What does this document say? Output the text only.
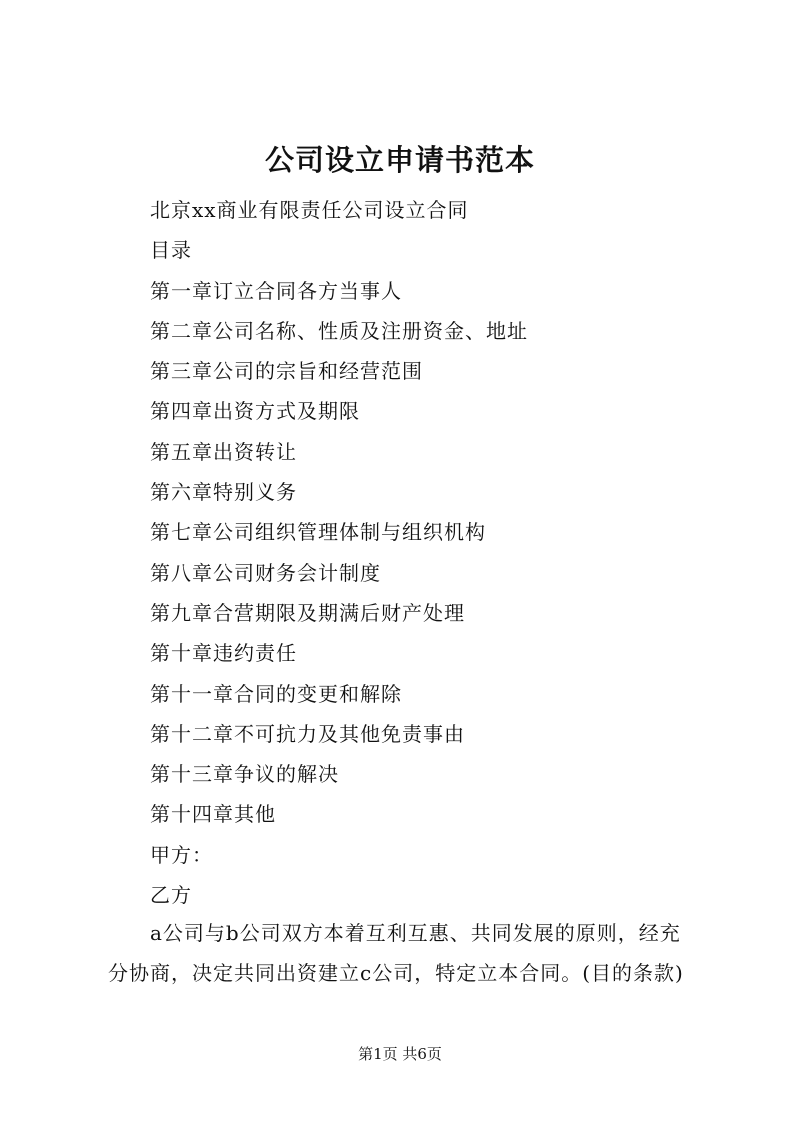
公司设立申请书范本
北京xx商业有限责任公司设立合同
目录
第一章订立合同各方当事人
第二章公司名称、性质及注册资金、地址
第三章公司的宗旨和经营范围
第四章出资方式及期限
第五章出资转让
第六章特别义务
第七章公司组织管理体制与组织机构
第八章公司财务会计制度
第九章合营期限及期满后财产处理
第十章违约责任
第十一章合同的变更和解除
第十二章不可抗力及其他免责事由
第十三章争议的解决
第十四章其他
甲方：
乙方
a公司与b公司双方本着互利互惠、共同发展的原则，经充
分协商，决定共同出资建立c公司，特定立本合同。(目的条款)
第1页 共6页
